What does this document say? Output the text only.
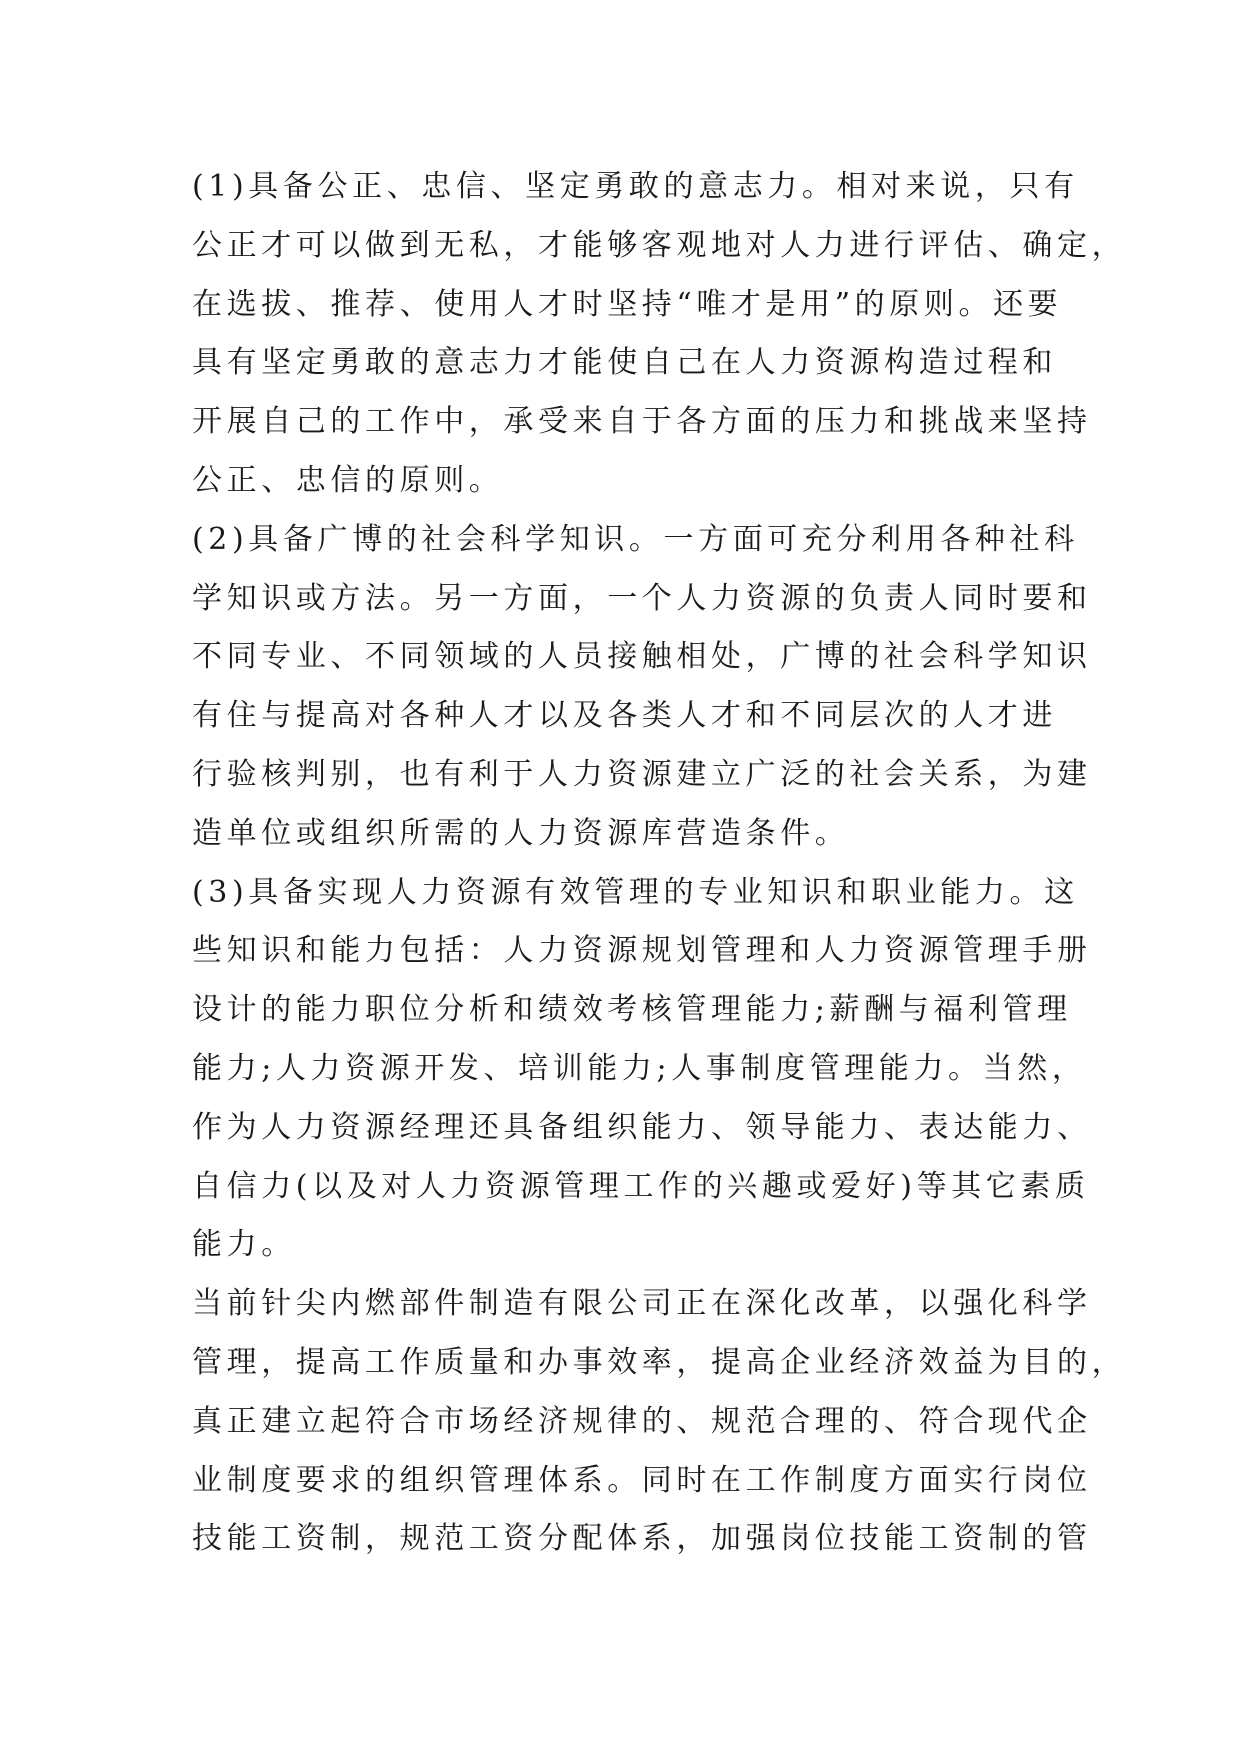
(1)具备公正、忠信、坚定勇敢的意志力。相对来说，只有
公正才可以做到无私，才能够客观地对人力进行评估、确定，
在选拔、推荐、使用人才时坚持“唯才是用”的原则。还要
具有坚定勇敢的意志力才能使自己在人力资源构造过程和
开展自己的工作中，承受来自于各方面的压力和挑战来坚持
公正、忠信的原则。
(2)具备广博的社会科学知识。一方面可充分利用各种社科
学知识或方法。另一方面，一个人力资源的负责人同时要和
不同专业、不同领域的人员接触相处，广博的社会科学知识
有住与提高对各种人才以及各类人才和不同层次的人才进
行验核判别，也有利于人力资源建立广泛的社会关系，为建
造单位或组织所需的人力资源库营造条件。
(3)具备实现人力资源有效管理的专业知识和职业能力。这
些知识和能力包括：人力资源规划管理和人力资源管理手册
设计的能力职位分析和绩效考核管理能力;薪酬与福利管理
能力;人力资源开发、培训能力;人事制度管理能力。当然，
作为人力资源经理还具备组织能力、领导能力、表达能力、
自信力(以及对人力资源管理工作的兴趣或爱好)等其它素质
能力。
当前针尖内燃部件制造有限公司正在深化改革，以强化科学
管理，提高工作质量和办事效率，提高企业经济效益为目的，
真正建立起符合市场经济规律的、规范合理的、符合现代企
业制度要求的组织管理体系。同时在工作制度方面实行岗位
技能工资制，规范工资分配体系，加强岗位技能工资制的管
